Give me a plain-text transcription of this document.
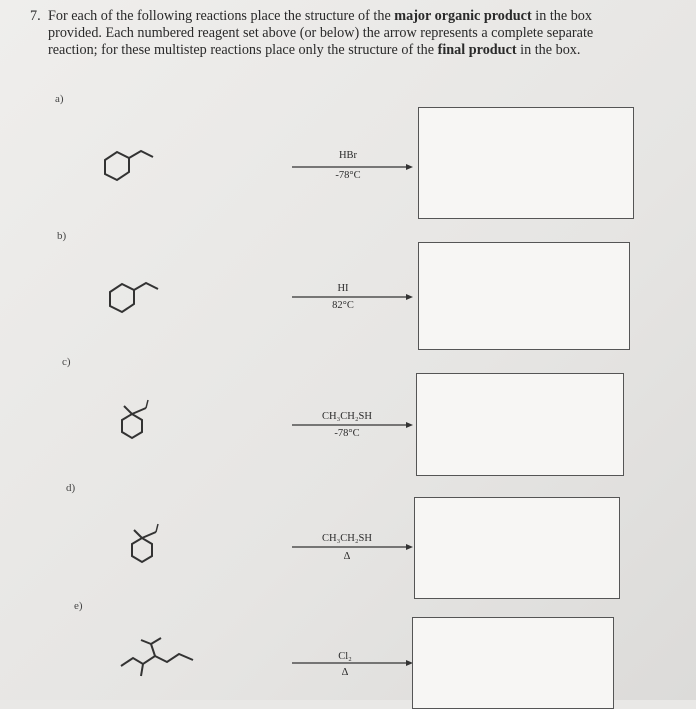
7. For each of the following reactions place the structure of the major organic product in the box
provided. Each numbered reagent set above (or below) the arrow represents a complete separate
reaction; for these multistep reactions place only the structure of the final product in the box.
a)
HBr
-78°C
b)
HI
82°C
c)
CH₃CH₂SH
-78°C
d)
CH₃CH₂SH
Δ
e)
Cl₂
Δ
